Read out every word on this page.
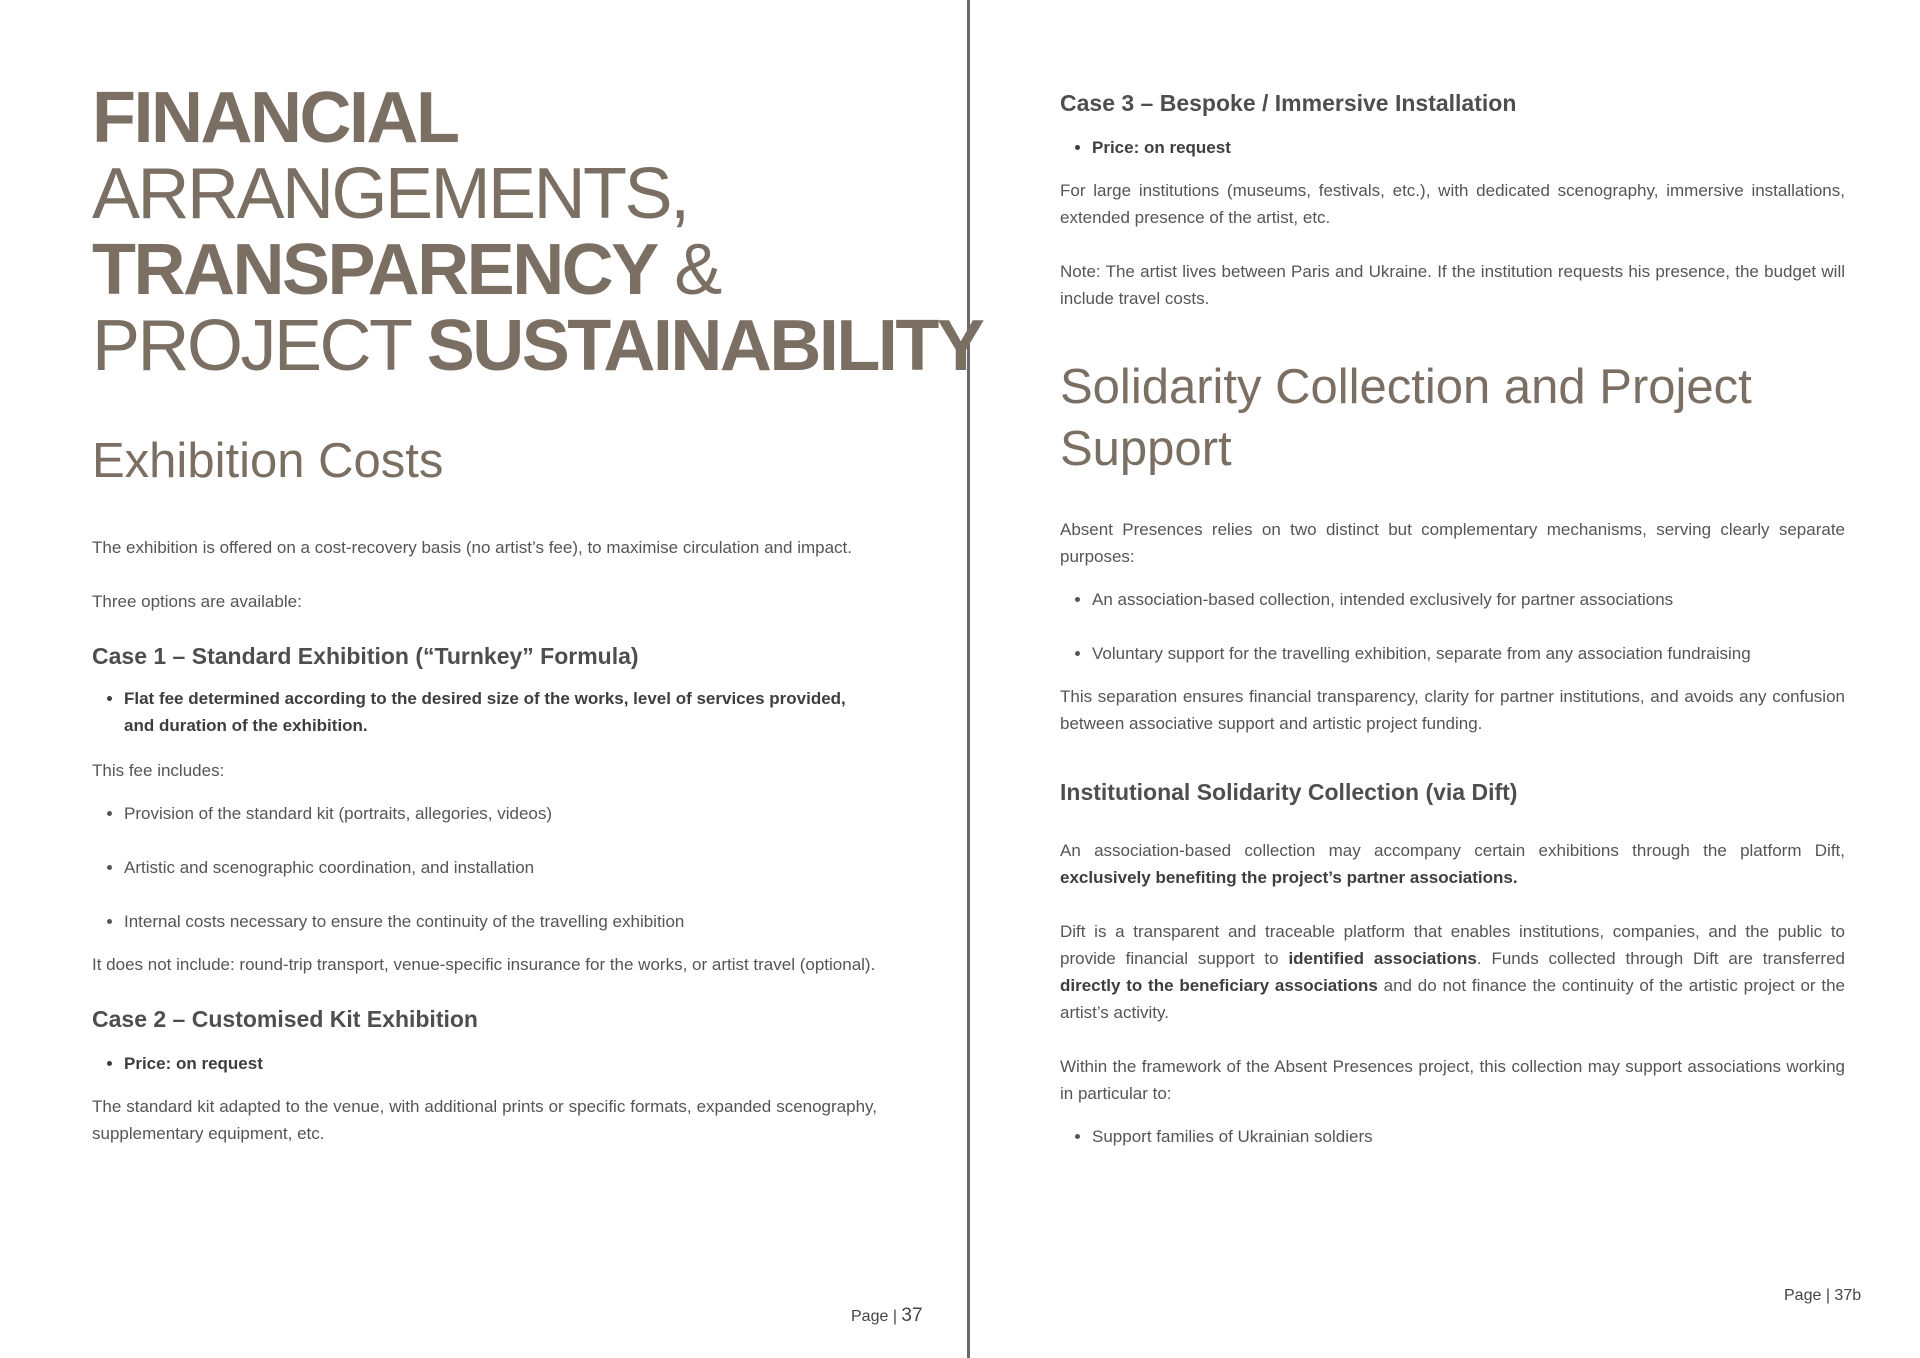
FINANCIAL
ARRANGEMENTS,
TRANSPARENCY &
PROJECT SUSTAINABILITY
Exhibition Costs

The exhibition is offered on a cost-recovery basis (no artist’s fee), to maximise circulation and impact.

Three options are available:

Case 1 – Standard Exhibition (“Turnkey” Formula)
• Flat fee determined according to the desired size of the works, level of services provided, and duration of the exhibition.

This fee includes:

• Provision of the standard kit (portraits, allegories, videos)
• Artistic and scenographic coordination, and installation
• Internal costs necessary to ensure the continuity of the travelling exhibition

It does not include: round-trip transport, venue-specific insurance for the works, or artist travel (optional).

Case 2 – Customised Kit Exhibition
• Price: on request

The standard kit adapted to the venue, with additional prints or specific formats, expanded scenography, supplementary equipment, etc.

Page | 37
Case 3 – Bespoke / Immersive Installation
• Price: on request

For large institutions (museums, festivals, etc.), with dedicated scenography, immersive installations, extended presence of the artist, etc.

Note: The artist lives between Paris and Ukraine. If the institution requests his presence, the budget will include travel costs.

Solidarity Collection and Project Support

Absent Presences relies on two distinct but complementary mechanisms, serving clearly separate purposes:

• An association-based collection, intended exclusively for partner associations
• Voluntary support for the travelling exhibition, separate from any association fundraising

This separation ensures financial transparency, clarity for partner institutions, and avoids any confusion between associative support and artistic project funding.

Institutional Solidarity Collection (via Dift)

An association-based collection may accompany certain exhibitions through the platform Dift, exclusively benefiting the project’s partner associations.

Dift is a transparent and traceable platform that enables institutions, companies, and the public to provide financial support to identified associations. Funds collected through Dift are transferred directly to the beneficiary associations and do not finance the continuity of the artistic project or the artist’s activity.

Within the framework of the Absent Presences project, this collection may support associations working in particular to:

• Support families of Ukrainian soldiers
Page | 37b
